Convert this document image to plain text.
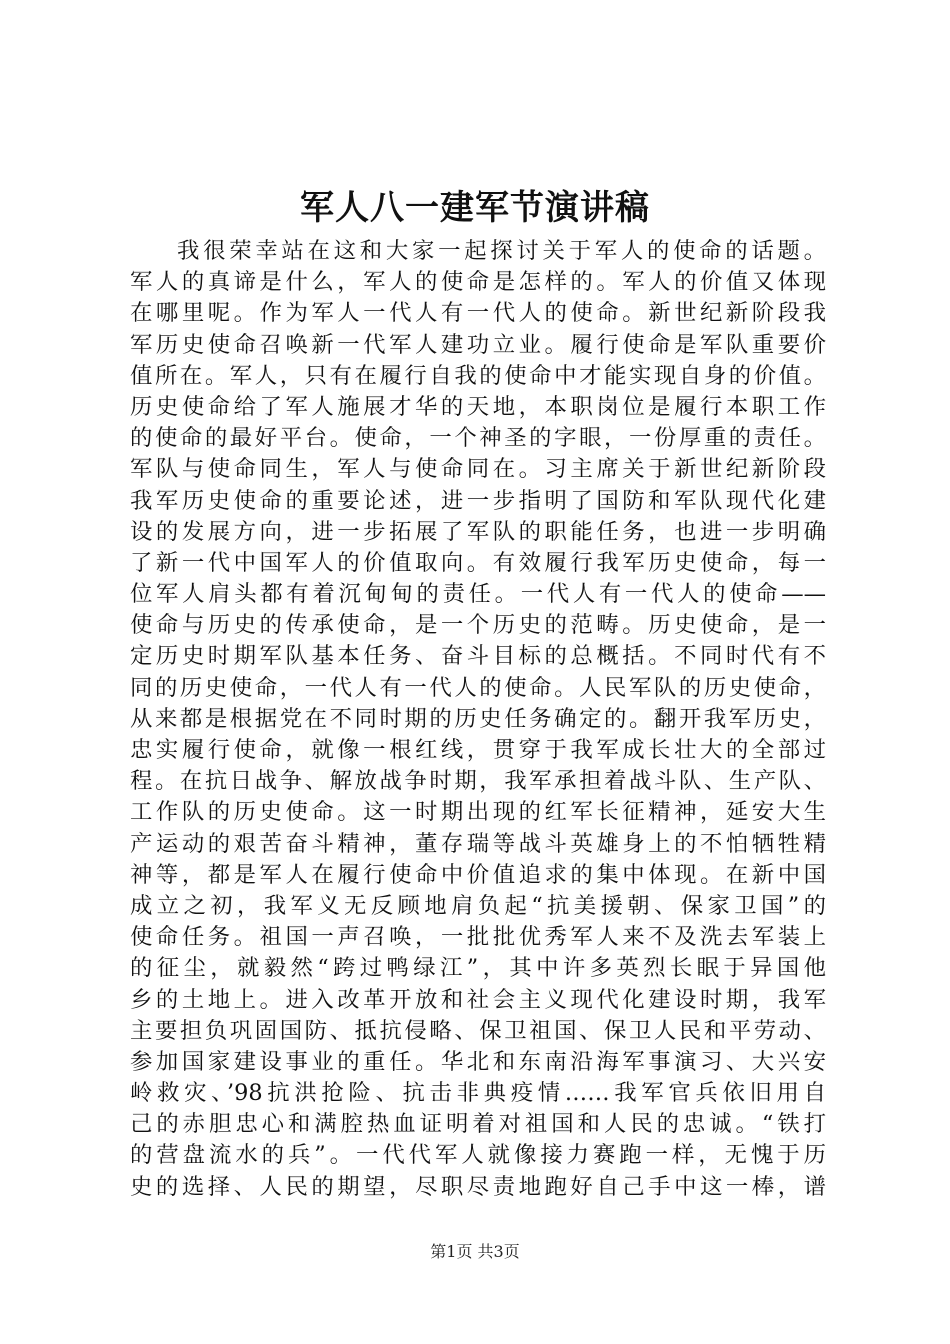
军人八一建军节演讲稿
我很荣幸站在这和大家一起探讨关于军人的使命的话题。
军人的真谛是什么，军人的使命是怎样的。军人的价值又体现
在哪里呢。作为军人一代人有一代人的使命。新世纪新阶段我
军历史使命召唤新一代军人建功立业。履行使命是军队重要价
值所在。军人，只有在履行自我的使命中才能实现自身的价值。
历史使命给了军人施展才华的天地，本职岗位是履行本职工作
的使命的最好平台。使命，一个神圣的字眼，一份厚重的责任。
军队与使命同生，军人与使命同在。习主席关于新世纪新阶段
我军历史使命的重要论述，进一步指明了国防和军队现代化建
设的发展方向，进一步拓展了军队的职能任务，也进一步明确
了新一代中国军人的价值取向。有效履行我军历史使命，每一
位军人肩头都有着沉甸甸的责任。一代人有一代人的使命——
使命与历史的传承使命，是一个历史的范畴。历史使命，是一
定历史时期军队基本任务、奋斗目标的总概括。不同时代有不
同的历史使命，一代人有一代人的使命。人民军队的历史使命，
从来都是根据党在不同时期的历史任务确定的。翻开我军历史，
忠实履行使命，就像一根红线，贯穿于我军成长壮大的全部过
程。在抗日战争、解放战争时期，我军承担着战斗队、生产队、
工作队的历史使命。这一时期出现的红军长征精神，延安大生
产运动的艰苦奋斗精神，董存瑞等战斗英雄身上的不怕牺牲精
神等，都是军人在履行使命中价值追求的集中体现。在新中国
成立之初，我军义无反顾地肩负起“抗美援朝、保家卫国”的
使命任务。祖国一声召唤，一批批优秀军人来不及洗去军装上
的征尘，就毅然“跨过鸭绿江”，其中许多英烈长眠于异国他
乡的土地上。进入改革开放和社会主义现代化建设时期，我军
主要担负巩固国防、抵抗侵略、保卫祖国、保卫人民和平劳动、
参加国家建设事业的重任。华北和东南沿海军事演习、大兴安
岭救灾、’98抗洪抢险、抗击非典疫情……我军官兵依旧用自
己的赤胆忠心和满腔热血证明着对祖国和人民的忠诚。“铁打
的营盘流水的兵”。一代代军人就像接力赛跑一样，无愧于历
史的选择、人民的期望，尽职尽责地跑好自己手中这一棒，谱
第1页 共3页
